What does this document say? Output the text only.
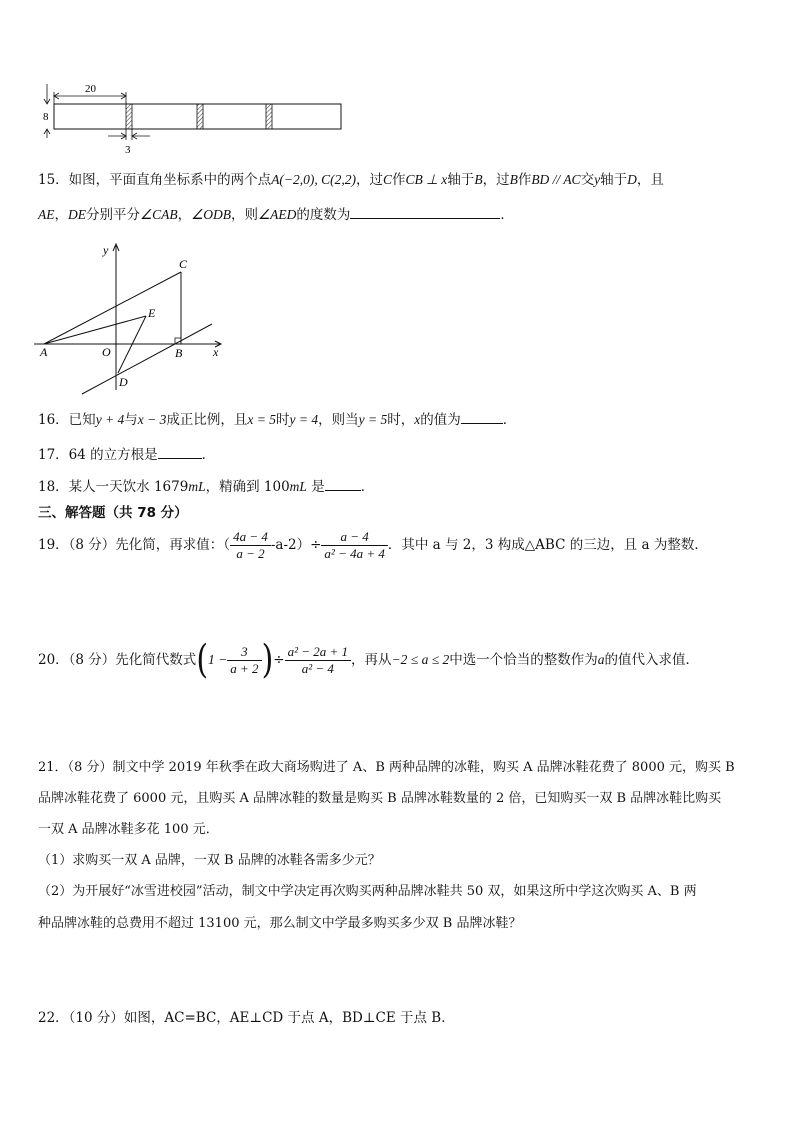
20
8
3
15．如图，平面直角坐标系中的两个点A(−2,0), C(2,2)，过C作CB ⊥ x轴于B，过B作BD // AC交y轴于D，且
AE，DE分别平分∠CAB，∠ODB，则∠AED的度数为	．
y
x
A	O	B
C
D
E
16．已知y + 4与x − 3成正比例，且x = 5时y = 4，则当y = 5时，x的值为	．
17．64 的立方根是	．
18．某人一天饮水 1679mL，精确到 100mL 是	．
三、解答题（共 78 分）
19．（8 分）先化简，再求值：（ $\frac{4a - 4}{a - 2} -a-2)\div \frac{a - 4}{\text{a² − 4a + 4}}$ ．其中 a 与 2，3 构成△ABC 的三边，且 a 为整数．
20．（8 分）先化简代数式($1 - \frac{3}{a + 2}$ )÷ $\frac{\text{a² − 2a + 1}}{\text{a² − 4}}$ ，再从−2 ≤ a ≤ 2中选一个恰当的整数作为a的值代入求值．
21．（8 分）制文中学 2019 年秋季在政大商场购进了 A、B 两种品牌的冰鞋，购买 A 品牌冰鞋花费了 8000 元，购买 B
品牌冰鞋花费了 6000 元，且购买 A 品牌冰鞋的数量是购买 B 品牌冰鞋数量的 2 倍，已知购买一双 B 品牌冰鞋比购买
一双 A 品牌冰鞋多花 100 元．
（1）求购买一双 A 品牌，一双 B 品牌的冰鞋各需多少元？
（2）为开展好“冰雪进校园”活动，制文中学决定再次购买两种品牌冰鞋共 50 双，如果这所中学这次购买 A、B 两
种品牌冰鞋的总费用不超过 13100 元，那么制文中学最多购买多少双 B 品牌冰鞋？
22．（10 分）如图，AC=BC，AE⊥CD 于点 A，BD⊥CE 于点 B．
